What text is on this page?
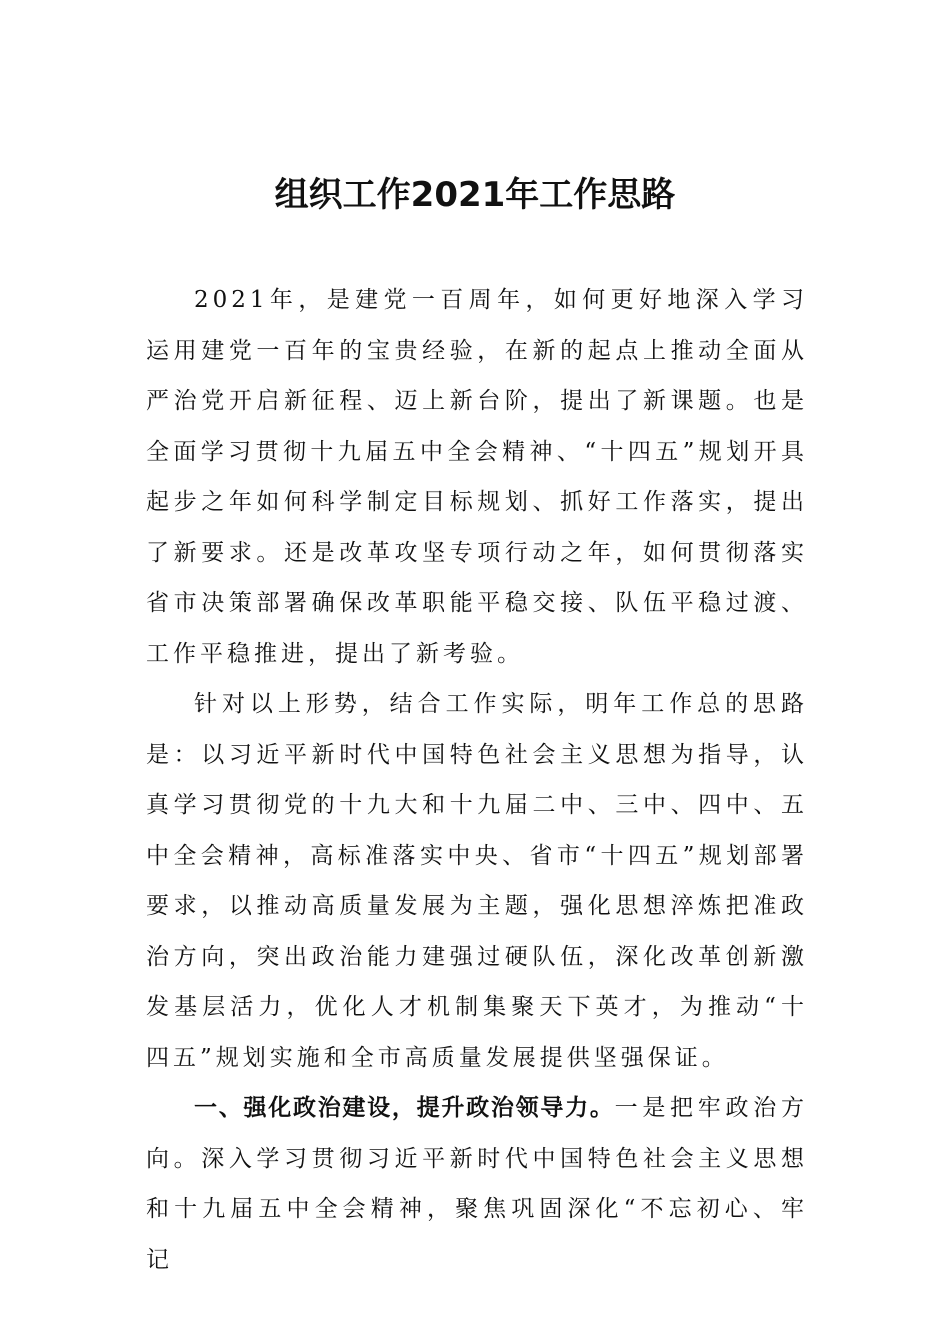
组织工作2021年工作思路

2021年，是建党一百周年，如何更好地深入学习运用建党一百年的宝贵经验，在新的起点上推动全面从严治党开启新征程、迈上新台阶，提出了新课题。也是全面学习贯彻十九届五中全会精神、“十四五”规划开具起步之年如何科学制定目标规划、抓好工作落实，提出了新要求。还是改革攻坚专项行动之年，如何贯彻落实省市决策部署确保改革职能平稳交接、队伍平稳过渡、工作平稳推进，提出了新考验。

针对以上形势，结合工作实际，明年工作总的思路是：以习近平新时代中国特色社会主义思想为指导，认真学习贯彻党的十九大和十九届二中、三中、四中、五中全会精神，高标准落实中央、省市“十四五”规划部署要求，以推动高质量发展为主题，强化思想淬炼把准政治方向，突出政治能力建强过硬队伍，深化改革创新激发基层活力，优化人才机制集聚天下英才，为推动“十四五”规划实施和全市高质量发展提供坚强保证。

一、强化政治建设，提升政治领导力。一是把牢政治方向。深入学习贯彻习近平新时代中国特色社会主义思想和十九届五中全会精神，聚焦巩固深化“不忘初心、牢记
